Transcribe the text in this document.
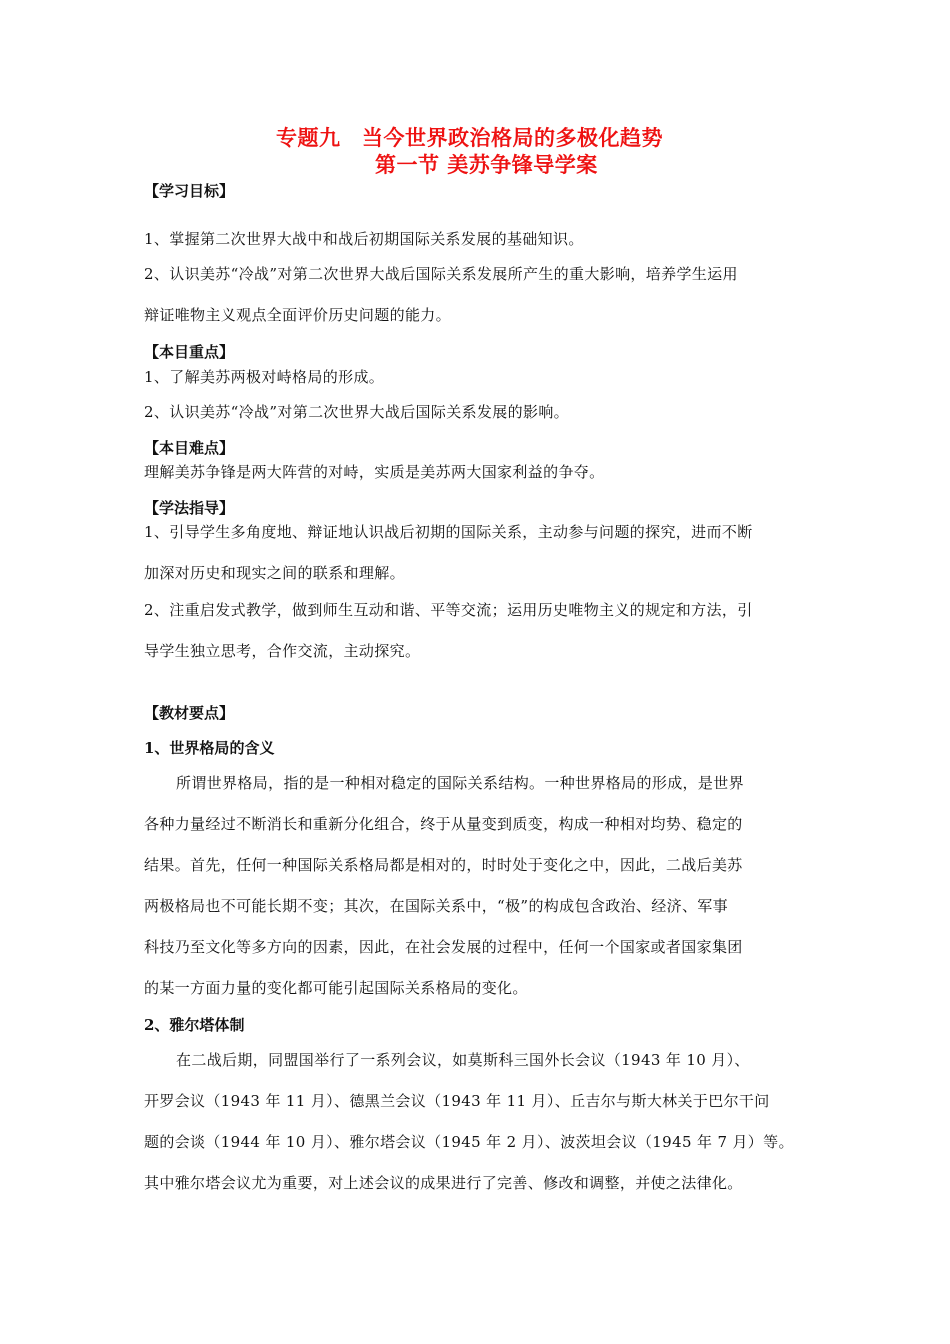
专题九　当今世界政治格局的多极化趋势
第一节 美苏争锋导学案
【学习目标】
1、掌握第二次世界大战中和战后初期国际关系发展的基础知识。
2、认识美苏“冷战”对第二次世界大战后国际关系发展所产生的重大影响，培养学生运用
辩证唯物主义观点全面评价历史问题的能力。
【本目重点】
1、了解美苏两极对峙格局的形成。
2、认识美苏“冷战”对第二次世界大战后国际关系发展的影响。
【本目难点】
理解美苏争锋是两大阵营的对峙，实质是美苏两大国家利益的争夺。
【学法指导】
1、引导学生多角度地、辩证地认识战后初期的国际关系，主动参与问题的探究，进而不断
加深对历史和现实之间的联系和理解。
2、注重启发式教学，做到师生互动和谐、平等交流；运用历史唯物主义的规定和方法，引
导学生独立思考，合作交流，主动探究。
【教材要点】
1、世界格局的含义
所谓世界格局，指的是一种相对稳定的国际关系结构。一种世界格局的形成，是世界
各种力量经过不断消长和重新分化组合，终于从量变到质变，构成一种相对均势、稳定的
结果。首先，任何一种国际关系格局都是相对的，时时处于变化之中，因此，二战后美苏
两极格局也不可能长期不变；其次，在国际关系中，“极”的构成包含政治、经济、军事
科技乃至文化等多方向的因素，因此，在社会发展的过程中，任何一个国家或者国家集团
的某一方面力量的变化都可能引起国际关系格局的变化。
2、雅尔塔体制
在二战后期，同盟国举行了一系列会议，如莫斯科三国外长会议（1943 年 10 月）、
开罗会议（1943 年 11 月）、德黑兰会议（1943 年 11 月）、丘吉尔与斯大林关于巴尔干问
题的会谈（1944 年 10 月）、雅尔塔会议（1945 年 2 月）、波茨坦会议（1945 年 7 月）等。
其中雅尔塔会议尤为重要，对上述会议的成果进行了完善、修改和调整，并使之法律化。
